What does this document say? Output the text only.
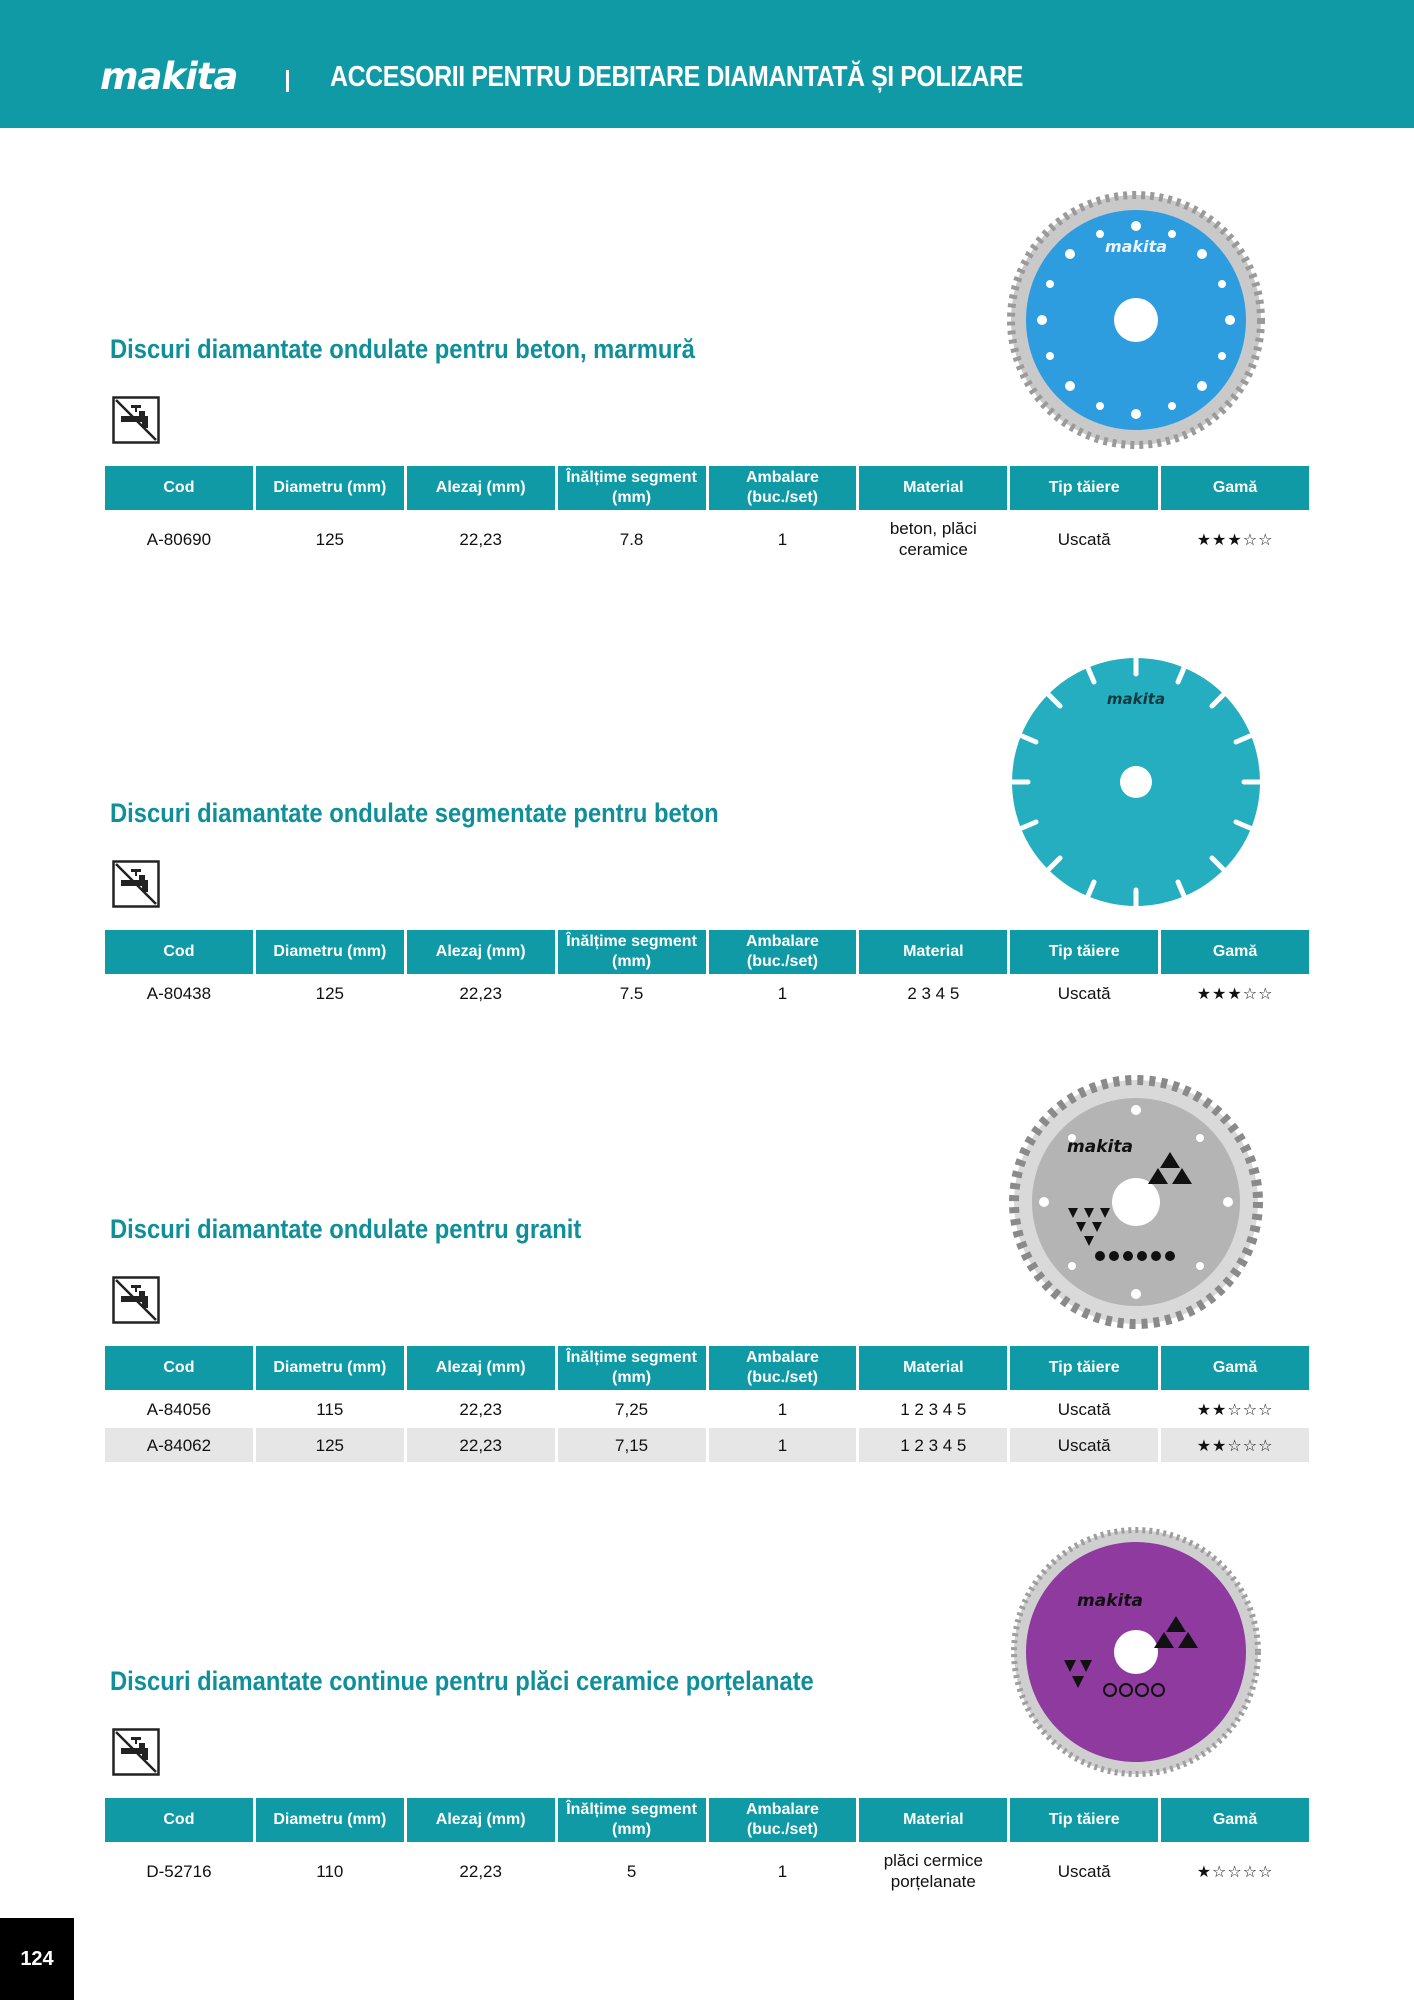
makita	ACCESORII PENTRU DEBITARE DIAMANTATĂ ȘI POLIZARE
Discuri diamantate ondulate pentru beton, marmură
makita
Cod	Diametru (mm)	Alezaj (mm)	Înălțime segment (mm)	Ambalare (buc./set)	Material	Tip tăiere	Gamă
A-80690	125	22,23	7.8	1	beton, plăci ceramice	Uscată	★★★☆☆
Discuri diamantate ondulate segmentate pentru beton
makita
Cod	Diametru (mm)	Alezaj (mm)	Înălțime segment (mm)	Ambalare (buc./set)	Material	Tip tăiere	Gamă
A-80438	125	22,23	7.5	1	2 3 4 5	Uscată	★★★☆☆
Discuri diamantate ondulate pentru granit
makita
Cod	Diametru (mm)	Alezaj (mm)	Înălțime segment (mm)	Ambalare (buc./set)	Material	Tip tăiere	Gamă
A-84056	115	22,23	7,25	1	1 2 3 4 5	Uscată	★★☆☆☆
A-84062	125	22,23	7,15	1	1 2 3 4 5	Uscată	★★☆☆☆
Discuri diamantate continue pentru plăci ceramice porțelanate
makita
Cod	Diametru (mm)	Alezaj (mm)	Înălțime segment (mm)	Ambalare (buc./set)	Material	Tip tăiere	Gamă
D-52716	110	22,23	5	1	plăci cermice porțelanate	Uscată	★☆☆☆☆
124
